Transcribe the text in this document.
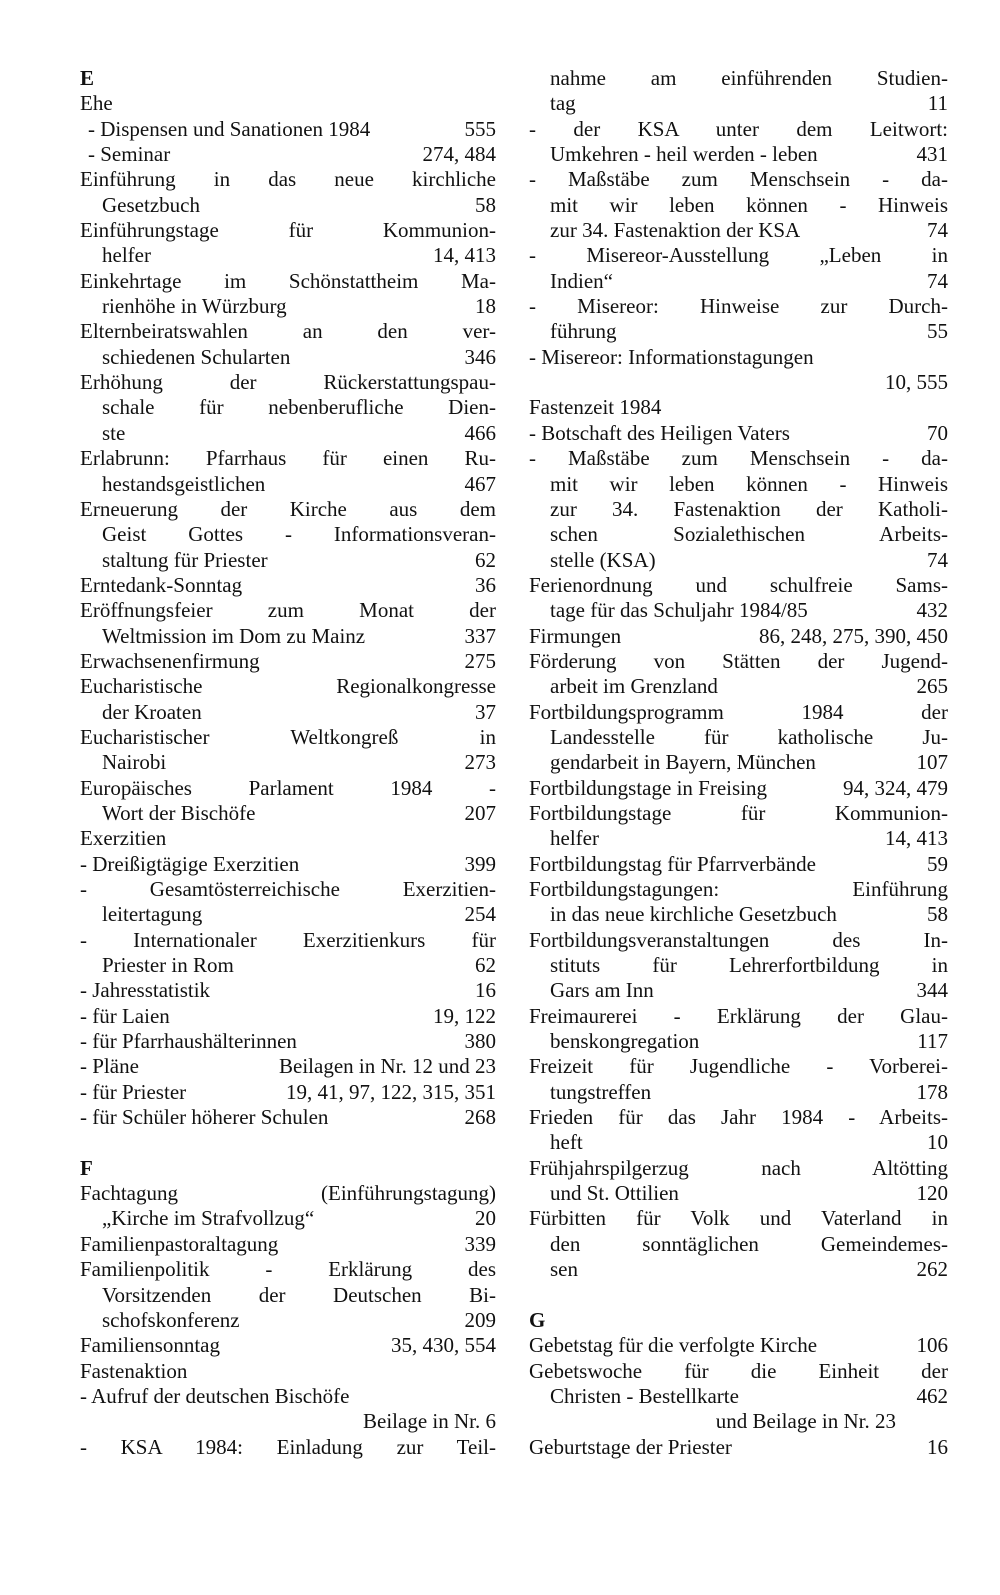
E
Ehe
- Dispensen und Sanationen 1984	555
- Seminar	274, 484
Einführung in das neue kirchliche
Gesetzbuch	58
Einführungstage für Kommunion-
helfer	14, 413
Einkehrtage im Schönstattheim Ma-
rienhöhe in Würzburg	18
Elternbeiratswahlen an den ver-
schiedenen Schularten	346
Erhöhung der Rückerstattungspau-
schale für nebenberufliche Dien-
ste	466
Erlabrunn: Pfarrhaus für einen Ru-
hestandsgeistlichen	467
Erneuerung der Kirche aus dem
Geist Gottes - Informationsveran-
staltung für Priester	62
Erntedank-Sonntag	36
Eröffnungsfeier zum Monat der
Weltmission im Dom zu Mainz	337
Erwachsenenfirmung	275
Eucharistische Regionalkongresse
der Kroaten	37
Eucharistischer Weltkongreß in
Nairobi	273
Europäisches Parlament 1984 -
Wort der Bischöfe	207
Exerzitien
- Dreißigtägige Exerzitien	399
- Gesamtösterreichische Exerzitien-
leitertagung	254
- Internationaler Exerzitienkurs für
Priester in Rom	62
- Jahresstatistik	16
- für Laien	19, 122
- für Pfarrhaushälterinnen	380
- Pläne	Beilagen in Nr. 12 und 23
- für Priester	19, 41, 97, 122, 315, 351
- für Schüler höherer Schulen	268
F
Fachtagung (Einführungstagung)
„Kirche im Strafvollzug“	20
Familienpastoraltagung	339
Familienpolitik - Erklärung des
Vorsitzenden der Deutschen Bi-
schofskonferenz	209
Familiensonntag	35, 430, 554
Fastenaktion
- Aufruf der deutschen Bischöfe
Beilage in Nr. 6
- KSA 1984: Einladung zur Teil-
nahme am einführenden Studien-
tag	11
- der KSA unter dem Leitwort:
Umkehren - heil werden - leben	431
- Maßstäbe zum Menschsein - da-
mit wir leben können - Hinweis
zur 34. Fastenaktion der KSA	74
- Misereor-Ausstellung „Leben in
Indien“	74
- Misereor: Hinweise zur Durch-
führung	55
- Misereor: Informationstagungen
10, 555
Fastenzeit 1984
- Botschaft des Heiligen Vaters	70
- Maßstäbe zum Menschsein - da-
mit wir leben können - Hinweis
zur 34. Fastenaktion der Katholi-
schen Sozialethischen Arbeits-
stelle (KSA)	74
Ferienordnung und schulfreie Sams-
tage für das Schuljahr 1984/85	432
Firmungen	86, 248, 275, 390, 450
Förderung von Stätten der Jugend-
arbeit im Grenzland	265
Fortbildungsprogramm 1984 der
Landesstelle für katholische Ju-
gendarbeit in Bayern, München	107
Fortbildungstage in Freising	94, 324, 479
Fortbildungstage für Kommunion-
helfer	14, 413
Fortbildungstag für Pfarrverbände	59
Fortbildungstagungen: Einführung
in das neue kirchliche Gesetzbuch	58
Fortbildungsveranstaltungen des In-
stituts für Lehrerfortbildung in
Gars am Inn	344
Freimaurerei - Erklärung der Glau-
benskongregation	117
Freizeit für Jugendliche - Vorberei-
tungstreffen	178
Frieden für das Jahr 1984 - Arbeits-
heft	10
Frühjahrspilgerzug nach Altötting
und St. Ottilien	120
Fürbitten für Volk und Vaterland in
den sonntäglichen Gemeindemes-
sen	262
G
Gebetstag für die verfolgte Kirche	106
Gebetswoche für die Einheit der
Christen - Bestellkarte	462
und Beilage in Nr. 23
Geburtstage der Priester	16
